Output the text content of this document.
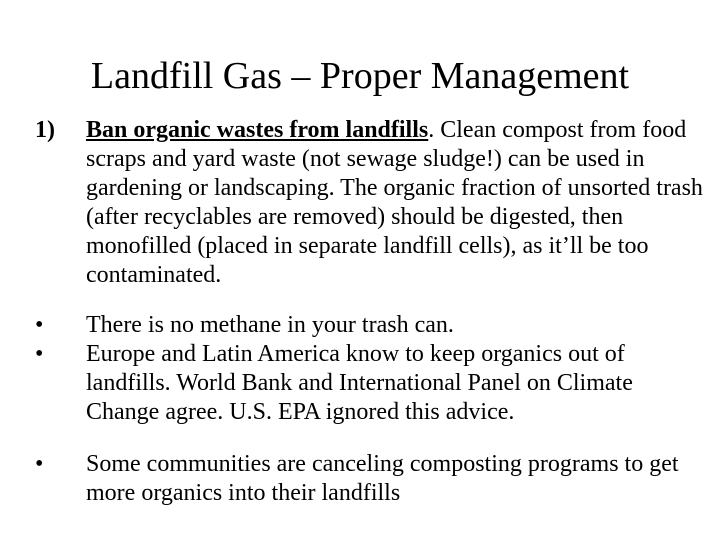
Landfill Gas – Proper Management
1)	Ban organic wastes from landfills. Clean compost from food scraps and yard waste (not sewage sludge!) can be used in gardening or landscaping. The organic fraction of unsorted trash (after recyclables are removed) should be digested, then monofilled (placed in separate landfill cells), as it’ll be too contaminated.
•	There is no methane in your trash can.
•	Europe and Latin America know to keep organics out of landfills. World Bank and International Panel on Climate Change agree. U.S. EPA ignored this advice.
•	Some communities are canceling composting programs to get more organics into their landfills
